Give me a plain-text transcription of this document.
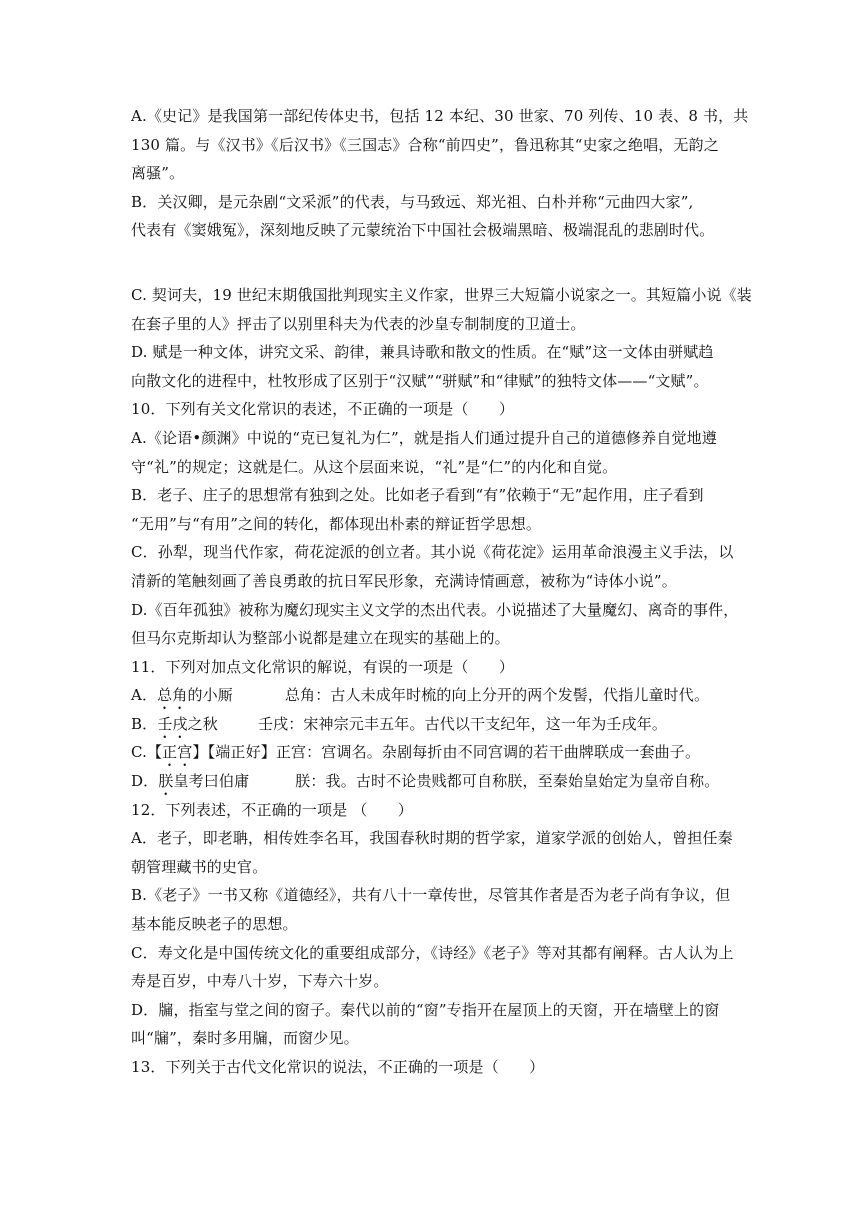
A.《史记》是我国第一部纪传体史书，包括 12 本纪、30 世家、70 列传、10 表、8 书，共
130 篇。与《汉书》《后汉书》《三国志》合称“前四史”，鲁迅称其“史家之绝唱，无韵之
离骚”。
B．关汉卿，是元杂剧“文采派”的代表，与马致远、郑光祖、白朴并称“元曲四大家”,
代表有《窦娥冤》，深刻地反映了元蒙统治下中国社会极端黑暗、极端混乱的悲剧时代。
C. 契诃夫，19 世纪末期俄国批判现实主义作家，世界三大短篇小说家之一。其短篇小说《装
在套子里的人》抨击了以别里科夫为代表的沙皇专制制度的卫道士。
D. 赋是一种文体，讲究文采、韵律，兼具诗歌和散文的性质。在“赋”这一文体由骈赋趋
向散文化的进程中，杜牧形成了区别于“汉赋”“骈赋”和“律赋”的独特文体——“文赋”。
10．下列有关文化常识的表述，不正确的一项是（　　）
A.《论语•颜渊》中说的“克已复礼为仁”，就是指人们通过提升自己的道德修养自觉地遵
守“礼”的规定；这就是仁。从这个层面来说，“礼”是“仁”的内化和自觉。
B．老子、庄子的思想常有独到之处。比如老子看到“有”依赖于“无”起作用，庄子看到
“无用”与“有用”之间的转化，都体现出朴素的辩证哲学思想。
C．孙犁，现当代作家，荷花淀派的创立者。其小说《荷花淀》运用革命浪漫主义手法，以
清新的笔触刻画了善良勇敢的抗日军民形象，充满诗情画意，被称为“诗体小说”。
D.《百年孤独》被称为魔幻现实主义文学的杰出代表。小说描述了大量魔幻、离奇的事件，
但马尔克斯却认为整部小说都是建立在现实的基础上的。
11．下列对加点文化常识的解说，有误的一项是（　　）
A．总角的小厮	总角：古人未成年时梳的向上分开的两个发髻，代指儿童时代。
B．壬戌之秋	壬戌：宋神宗元丰五年。古代以干支纪年，这一年为壬戌年。
C.【正宫】【端正好】正宫：宫调名。杂剧每折由不同宫调的若干曲牌联成一套曲子。
D．朕皇考曰伯庸	朕：我。古时不论贵贱都可自称朕，至秦始皇始定为皇帝自称。
12．下列表述，不正确的一项是 （　　）
A．老子，即老聃，相传姓李名耳，我国春秋时期的哲学家，道家学派的创始人，曾担任秦
朝管理藏书的史官。
B.《老子》一书又称《道德经》，共有八十一章传世，尽管其作者是否为老子尚有争议，但
基本能反映老子的思想。
C．寿文化是中国传统文化的重要组成部分，《诗经》《老子》等对其都有阐释。古人认为上
寿是百岁，中寿八十岁，下寿六十岁。
D．牖，指室与堂之间的窗子。秦代以前的“窗”专指开在屋顶上的天窗，开在墙壁上的窗
叫“牖”，秦时多用牖，而窗少见。
13．下列关于古代文化常识的说法，不正确的一项是（　　）
